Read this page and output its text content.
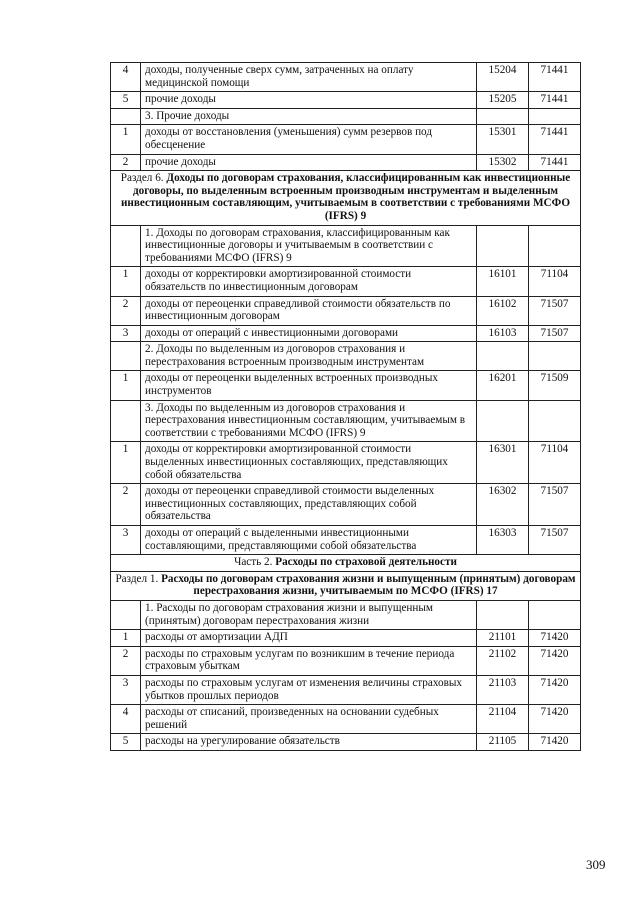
4	доходы, полученные сверх сумм, затраченных на оплату медицинской помощи	15204	71441
5	прочие доходы	15205	71441
	3. Прочие доходы		
1	доходы от восстановления (уменьшения) сумм резервов под обесценение	15301	71441
2	прочие доходы	15302	71441
Раздел 6. Доходы по договорам страхования, классифицированным как инвестиционные договоры, по выделенным встроенным производным инструментам и выделенным инвестиционным составляющим, учитываемым в соответствии с требованиями МСФО (IFRS) 9			
	1. Доходы по договорам страхования, классифицированным как инвестиционные договоры и учитываемым в соответствии с требованиями МСФО (IFRS) 9		
1	доходы от корректировки амортизированной стоимости обязательств по инвестиционным договорам	16101	71104
2	доходы от переоценки справедливой стоимости обязательств по инвестиционным договорам	16102	71507
3	доходы от операций с инвестиционными договорами	16103	71507
	2. Доходы по выделенным из договоров страхования и перестрахования встроенным производным инструментам		
1	доходы от переоценки выделенных встроенных производных инструментов	16201	71509
	3. Доходы по выделенным из договоров страхования и перестрахования инвестиционным составляющим, учитываемым в соответствии с требованиями МСФО (IFRS) 9		
1	доходы от корректировки амортизированной стоимости выделенных инвестиционных составляющих, представляющих собой обязательства	16301	71104
2	доходы от переоценки справедливой стоимости выделенных инвестиционных составляющих, представляющих собой обязательства	16302	71507
3	доходы от операций с выделенными инвестиционными составляющими, представляющими собой обязательства	16303	71507
Часть 2. Расходы по страховой деятельности			
Раздел 1. Расходы по договорам страхования жизни и выпущенным (принятым) договорам перестрахования жизни, учитываемым по МСФО (IFRS) 17			
	1. Расходы по договорам страхования жизни и выпущенным (принятым) договорам перестрахования жизни		
1	расходы от амортизации АДП	21101	71420
2	расходы по страховым услугам по возникшим в течение периода страховым убыткам	21102	71420
3	расходы по страховым услугам от изменения величины страховых убытков прошлых периодов	21103	71420
4	расходы от списаний, произведенных на основании судебных решений	21104	71420
5	расходы на урегулирование обязательств	21105	71420
309
